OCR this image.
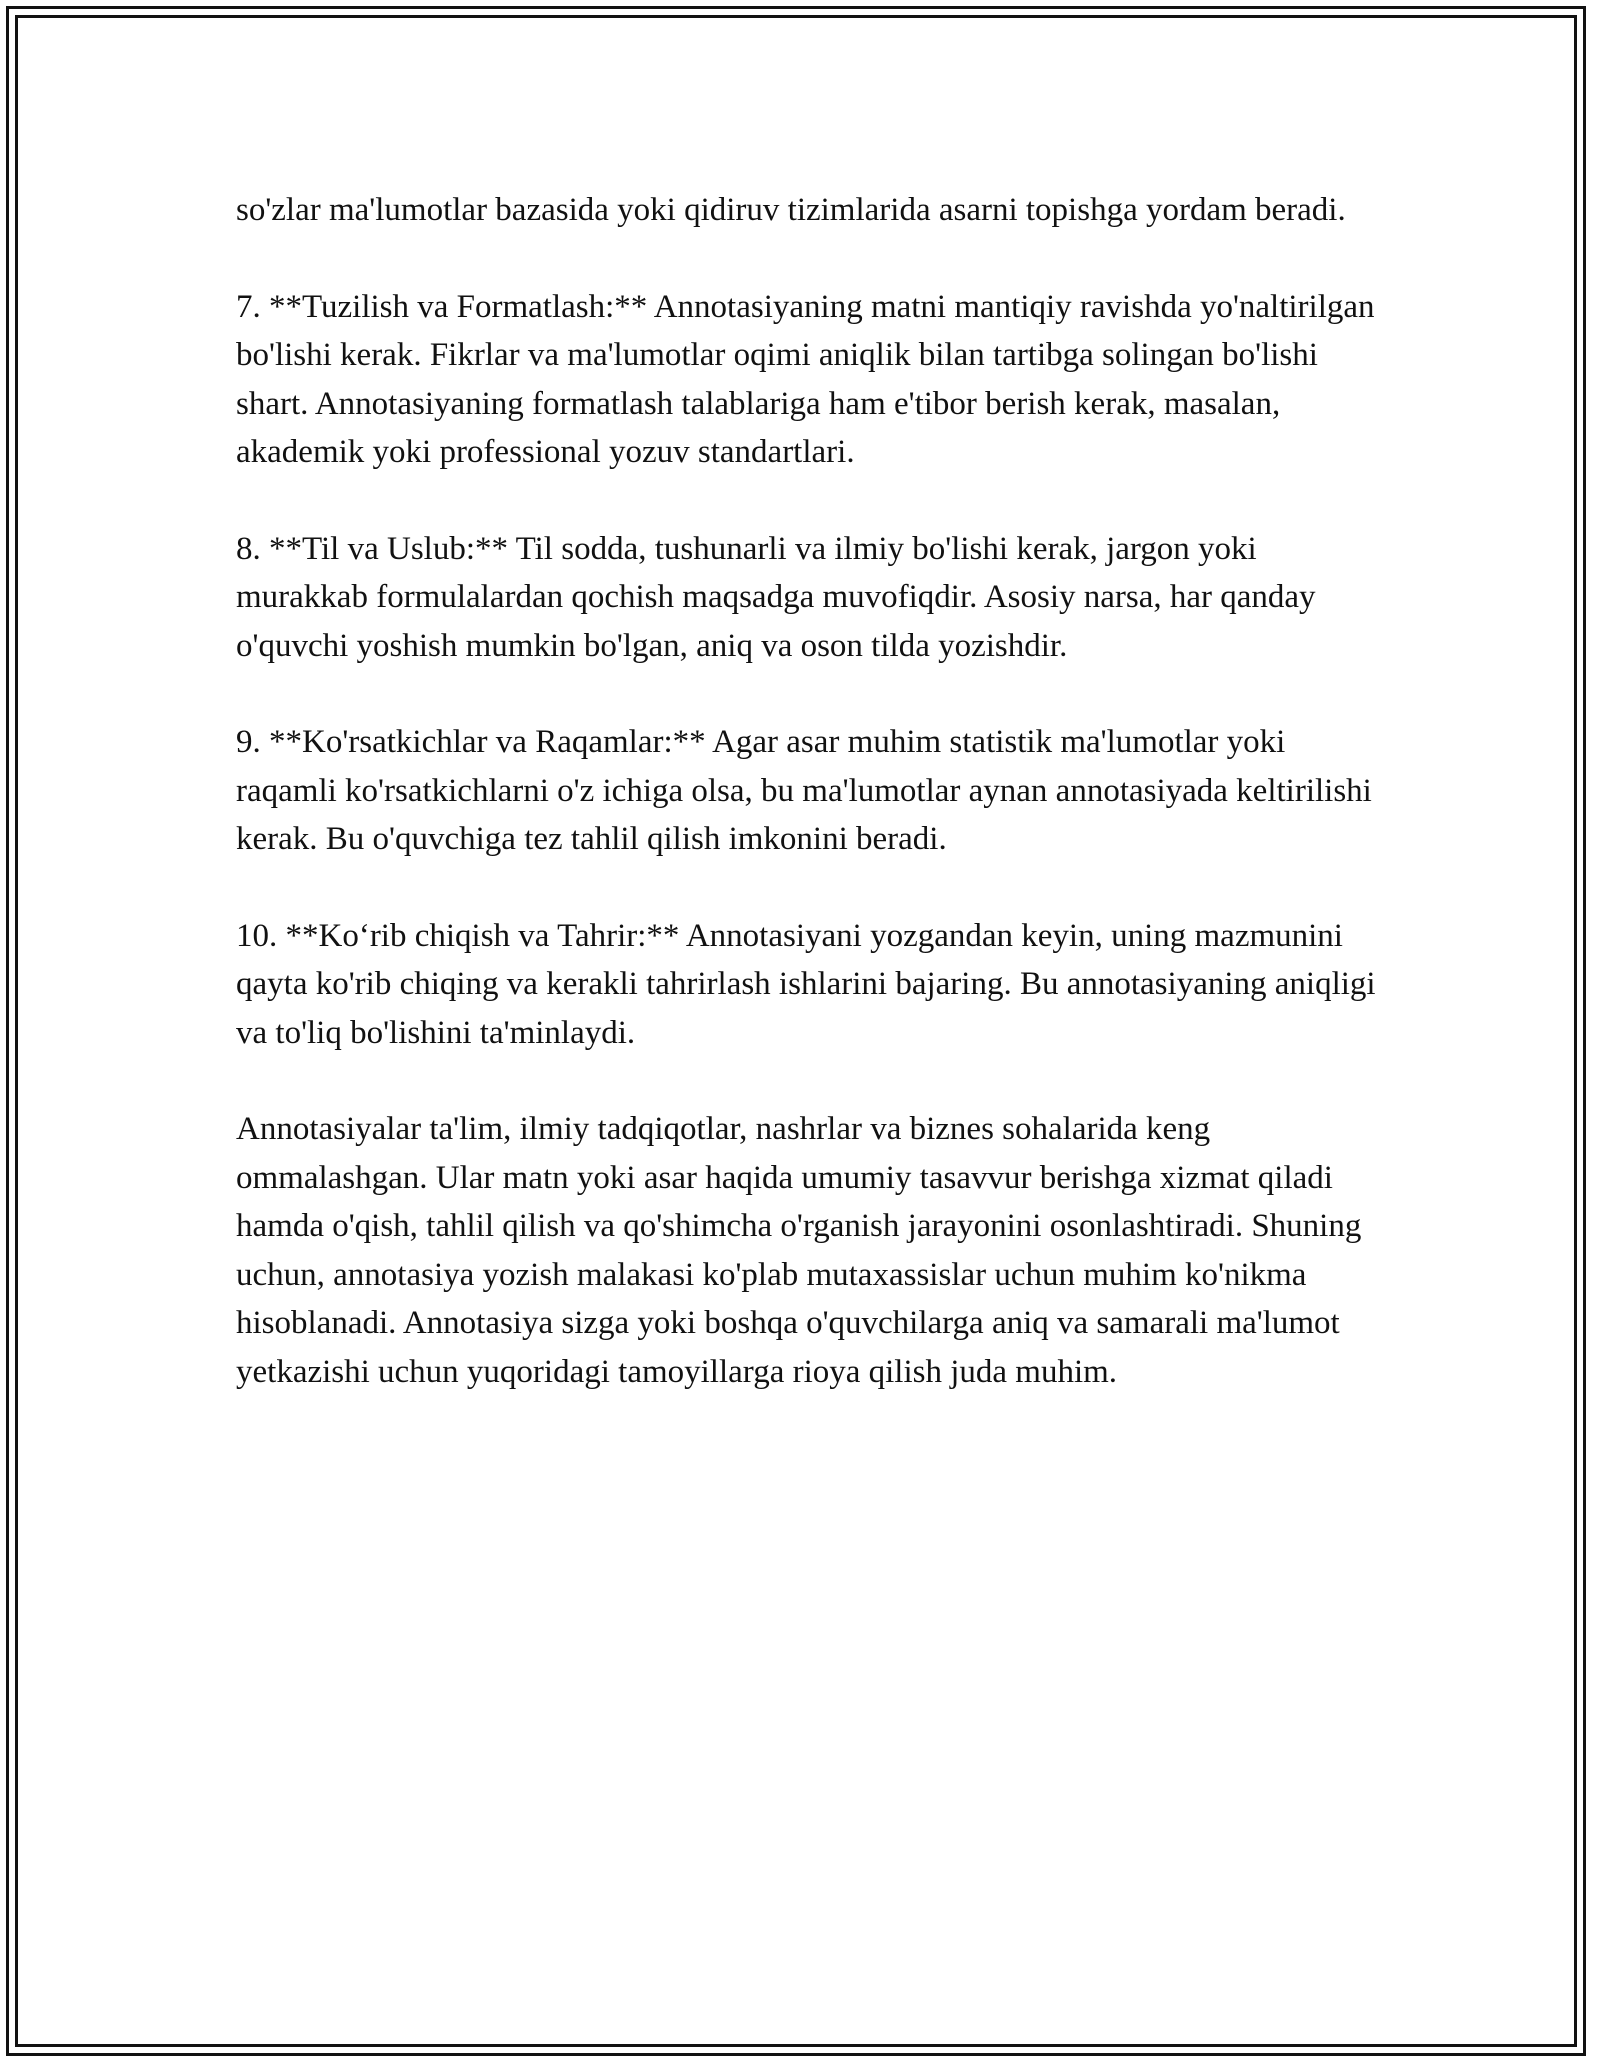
so'zlar ma'lumotlar bazasida yoki qidiruv tizimlarida asarni topishga yordam beradi.

7. **Tuzilish va Formatlash:** Annotasiyaning matni mantiqiy ravishda yo'naltirilgan bo'lishi kerak. Fikrlar va ma'lumotlar oqimi aniqlik bilan tartibga solingan bo'lishi shart. Annotasiyaning formatlash talablariga ham e'tibor berish kerak, masalan, akademik yoki professional yozuv standartlari.

8. **Til va Uslub:** Til sodda, tushunarli va ilmiy bo'lishi kerak, jargon yoki murakkab formulalardan qochish maqsadga muvofiqdir. Asosiy narsa, har qanday o'quvchi yoshish mumkin bo'lgan, aniq va oson tilda yozishdir.

9. **Ko'rsatkichlar va Raqamlar:** Agar asar muhim statistik ma'lumotlar yoki raqamli ko'rsatkichlarni o'z ichiga olsa, bu ma'lumotlar aynan annotasiyada keltirilishi kerak. Bu o'quvchiga tez tahlil qilish imkonini beradi.

10. **Koʻrib chiqish va Tahrir:** Annotasiyani yozgandan keyin, uning mazmunini qayta ko'rib chiqing va kerakli tahrirlash ishlarini bajaring. Bu annotasiyaning aniqligi va to'liq bo'lishini ta'minlaydi.

Annotasiyalar ta'lim, ilmiy tadqiqotlar, nashrlar va biznes sohalarida keng ommalashgan. Ular matn yoki asar haqida umumiy tasavvur berishga xizmat qiladi hamda o'qish, tahlil qilish va qo'shimcha o'rganish jarayonini osonlashtiradi. Shuning uchun, annotasiya yozish malakasi ko'plab mutaxassislar uchun muhim ko'nikma hisoblanadi. Annotasiya sizga yoki boshqa o'quvchilarga aniq va samarali ma'lumot yetkazishi uchun yuqoridagi tamoyillarga rioya qilish juda muhim.
